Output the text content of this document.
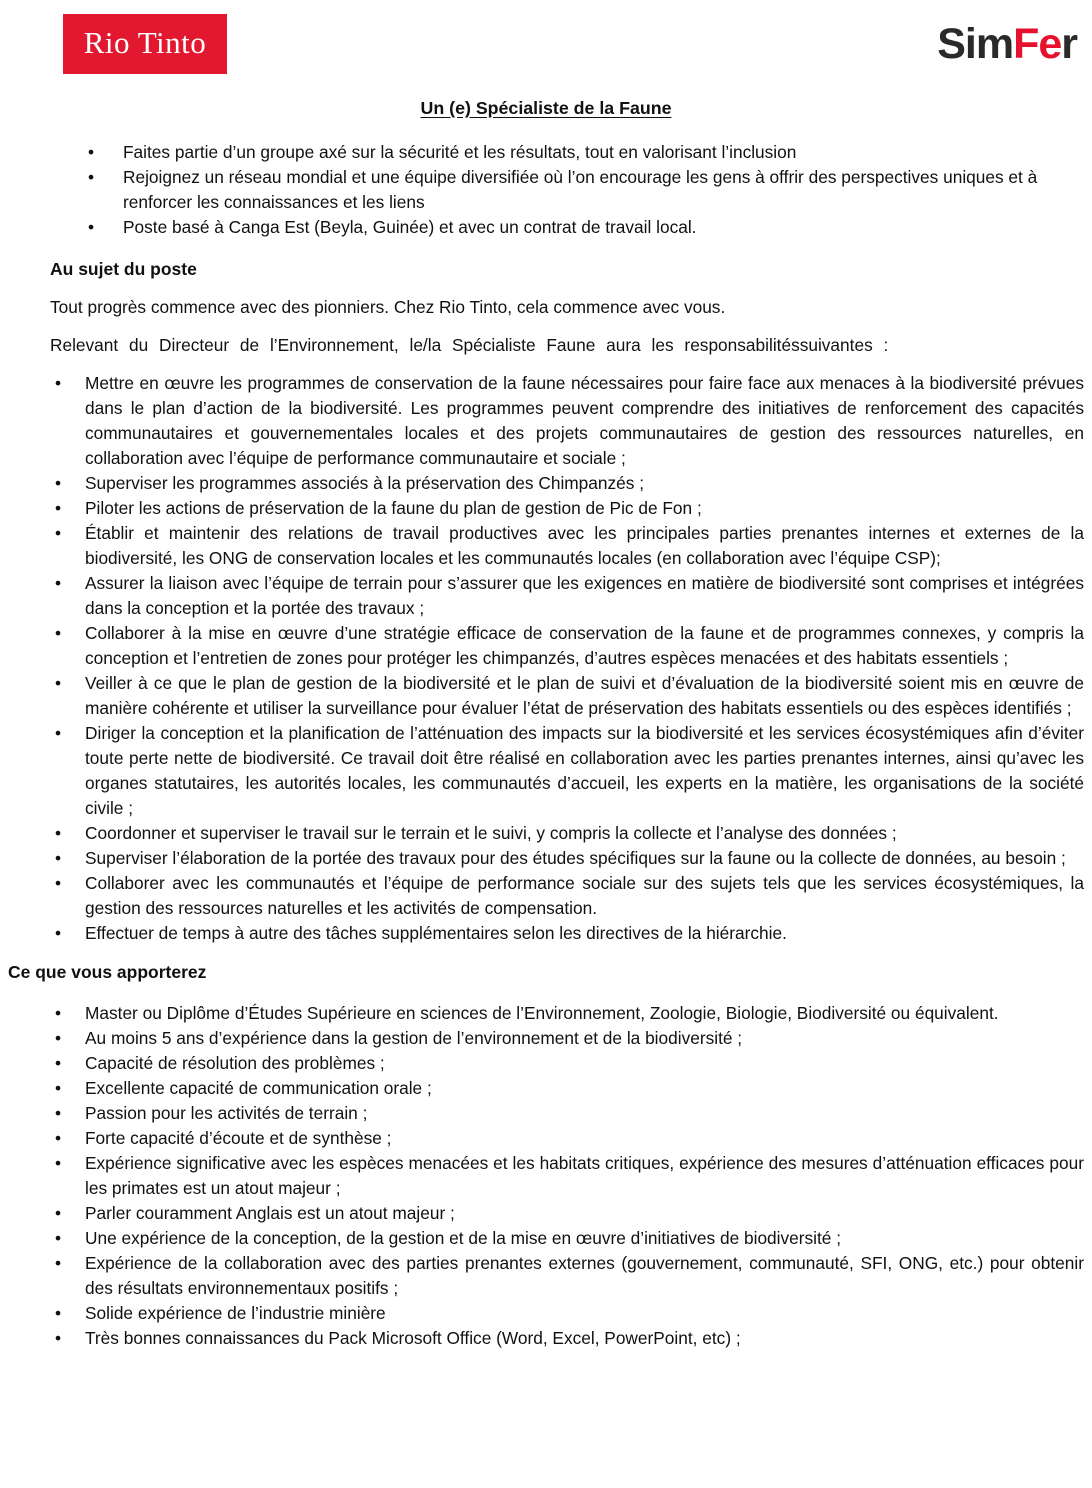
Rio Tinto	SimFer
Un (e) Spécialiste de la Faune
• Faites partie d’un groupe axé sur la sécurité et les résultats, tout en valorisant l’inclusion
• Rejoignez un réseau mondial et une équipe diversifiée où l’on encourage les gens à offrir des perspectives uniques et à renforcer les connaissances et les liens
• Poste basé à Canga Est (Beyla, Guinée) et avec un contrat de travail local.
Au sujet du poste

Tout progrès commence avec des pionniers. Chez Rio Tinto, cela commence avec vous.

Relevant du Directeur de l’Environnement, le/la Spécialiste Faune aura les responsabilitéssuivantes :

• Mettre en œuvre les programmes de conservation de la faune nécessaires pour faire face aux menaces à la biodiversité prévues dans le plan d’action de la biodiversité. Les programmes peuvent comprendre des initiatives de renforcement des capacités communautaires et gouvernementales locales et des projets communautaires de gestion des ressources naturelles, en collaboration avec l’équipe de performance communautaire et sociale ;
• Superviser les programmes associés à la préservation des Chimpanzés ;
• Piloter les actions de préservation de la faune du plan de gestion de Pic de Fon ;
• Établir et maintenir des relations de travail productives avec les principales parties prenantes internes et externes de la biodiversité, les ONG de conservation locales et les communautés locales (en collaboration avec l’équipe CSP);
• Assurer la liaison avec l’équipe de terrain pour s’assurer que les exigences en matière de biodiversité sont comprises et intégrées dans la conception et la portée des travaux ;
• Collaborer à la mise en œuvre d’une stratégie efficace de conservation de la faune et de programmes connexes, y compris la conception et l’entretien de zones pour protéger les chimpanzés, d’autres espèces menacées et des habitats essentiels ;
• Veiller à ce que le plan de gestion de la biodiversité et le plan de suivi et d’évaluation de la biodiversité soient mis en œuvre de manière cohérente et utiliser la surveillance pour évaluer l’état de préservation des habitats essentiels ou des espèces identifiés ;
• Diriger la conception et la planification de l’atténuation des impacts sur la biodiversité et les services écosystémiques afin d’éviter toute perte nette de biodiversité. Ce travail doit être réalisé en collaboration avec les parties prenantes internes, ainsi qu’avec les organes statutaires, les autorités locales, les communautés d’accueil, les experts en la matière, les organisations de la société civile ;
• Coordonner et superviser le travail sur le terrain et le suivi, y compris la collecte et l’analyse des données ;
• Superviser l’élaboration de la portée des travaux pour des études spécifiques sur la faune ou la collecte de données, au besoin ;
• Collaborer avec les communautés et l’équipe de performance sociale sur des sujets tels que les services écosystémiques, la gestion des ressources naturelles et les activités de compensation.
• Effectuer de temps à autre des tâches supplémentaires selon les directives de la hiérarchie.
Ce que vous apporterez
• Master ou Diplôme d’Études Supérieure en sciences de l’Environnement, Zoologie, Biologie, Biodiversité ou équivalent.
• Au moins 5 ans d’expérience dans la gestion de l’environnement et de la biodiversité ;
• Capacité de résolution des problèmes ;
• Excellente capacité de communication orale ;
• Passion pour les activités de terrain ;
• Forte capacité d’écoute et de synthèse ;
• Expérience significative avec les espèces menacées et les habitats critiques, expérience des mesures d’atténuation efficaces pour les primates est un atout majeur ;
• Parler couramment Anglais est un atout majeur ;
• Une expérience de la conception, de la gestion et de la mise en œuvre d’initiatives de biodiversité ;
• Expérience de la collaboration avec des parties prenantes externes (gouvernement, communauté, SFI, ONG, etc.) pour obtenir des résultats environnementaux positifs ;
• Solide expérience de l’industrie minière
• Très bonnes connaissances du Pack Microsoft Office (Word, Excel, PowerPoint, etc) ;
